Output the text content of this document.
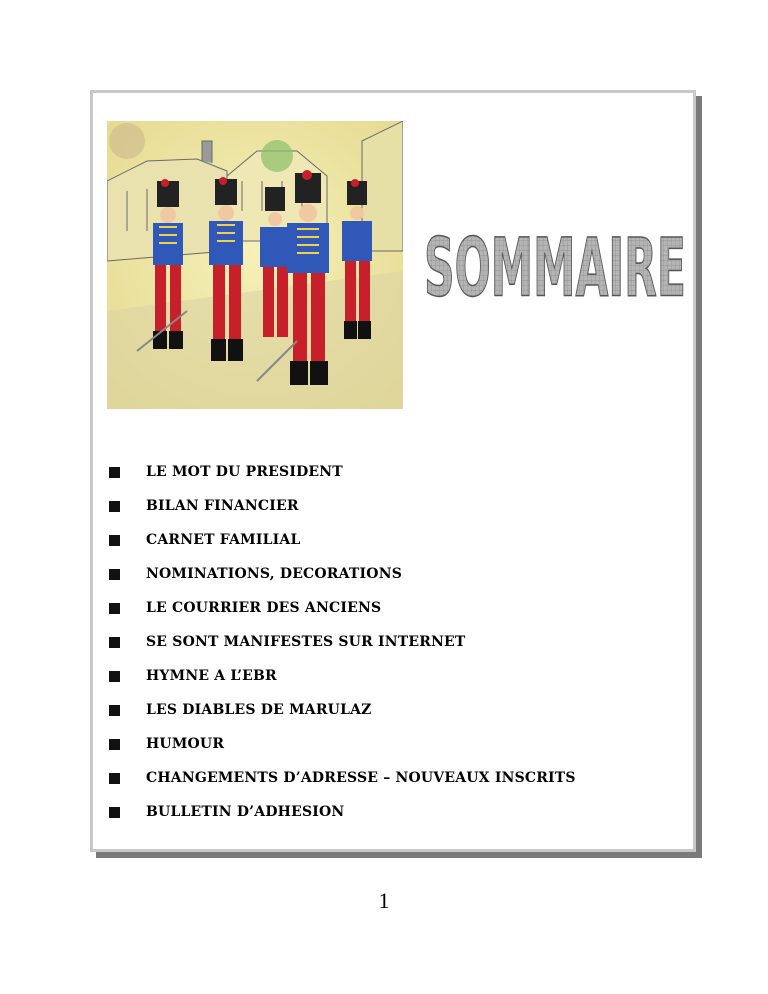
SOMMAIRE
LE MOT DU PRESIDENT
BILAN FINANCIER
CARNET FAMILIAL
NOMINATIONS, DECORATIONS
LE COURRIER DES ANCIENS
SE SONT MANIFESTES SUR INTERNET
HYMNE A L’EBR
LES DIABLES DE MARULAZ
HUMOUR
CHANGEMENTS D’ADRESSE – NOUVEAUX INSCRITS
BULLETIN D’ADHESION
1
